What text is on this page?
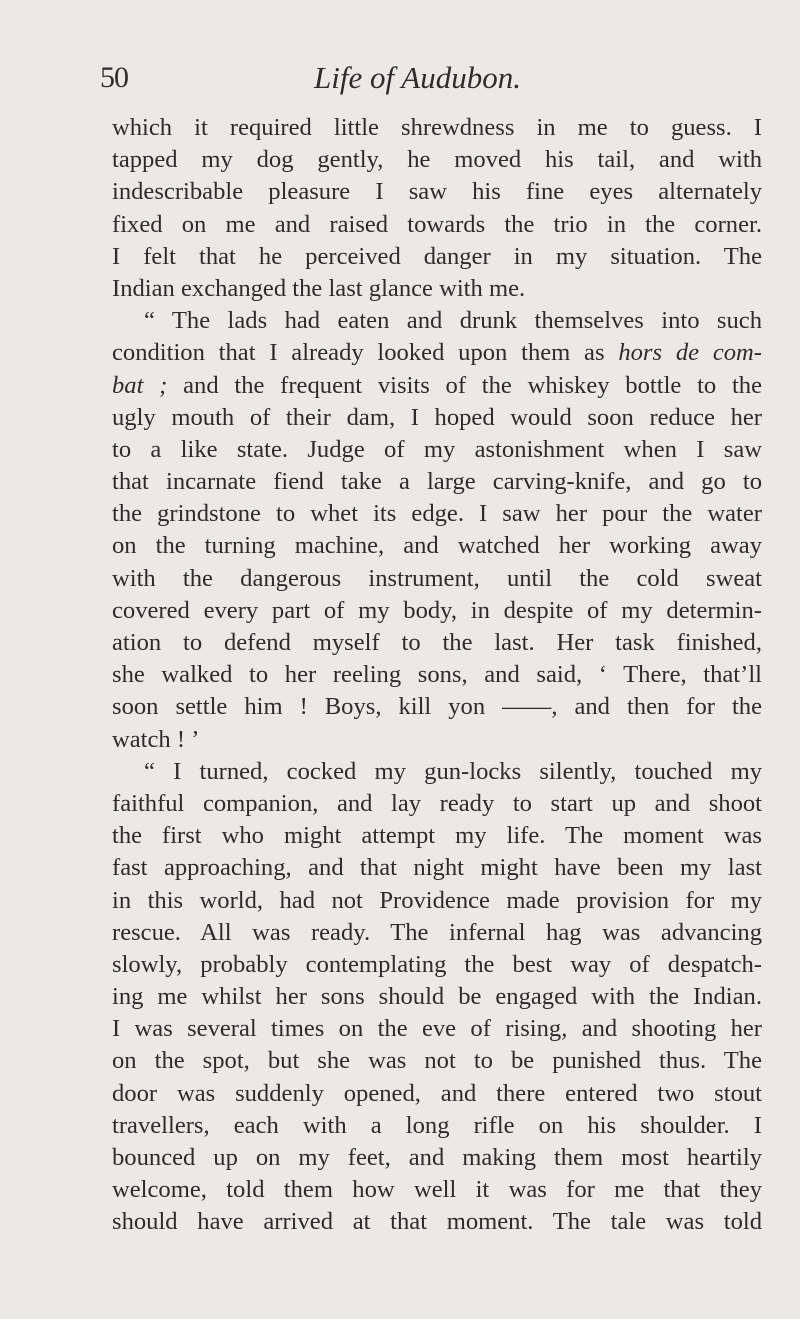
50	Life of Audubon.
which it required little shrewdness in me to guess. I
tapped my dog gently, he moved his tail, and with
indescribable pleasure I saw his fine eyes alternately
fixed on me and raised towards the trio in the corner.
I felt that he perceived danger in my situation. The
Indian exchanged the last glance with me.
“ The lads had eaten and drunk themselves into such
condition that I already looked upon them as hors de com-
bat ; and the frequent visits of the whiskey bottle to the
ugly mouth of their dam, I hoped would soon reduce her
to a like state. Judge of my astonishment when I saw
that incarnate fiend take a large carving-knife, and go to
the grindstone to whet its edge. I saw her pour the water
on the turning machine, and watched her working away
with the dangerous instrument, until the cold sweat
covered every part of my body, in despite of my determin-
ation to defend myself to the last. Her task finished,
she walked to her reeling sons, and said, ‘ There, that’ll
soon settle him ! Boys, kill yon ——, and then for the
watch ! ’
“ I turned, cocked my gun-locks silently, touched my
faithful companion, and lay ready to start up and shoot
the first who might attempt my life. The moment was
fast approaching, and that night might have been my last
in this world, had not Providence made provision for my
rescue. All was ready. The infernal hag was advancing
slowly, probably contemplating the best way of despatch-
ing me whilst her sons should be engaged with the Indian.
I was several times on the eve of rising, and shooting her
on the spot, but she was not to be punished thus. The
door was suddenly opened, and there entered two stout
travellers, each with a long rifle on his shoulder. I
bounced up on my feet, and making them most heartily
welcome, told them how well it was for me that they
should have arrived at that moment. The tale was told
